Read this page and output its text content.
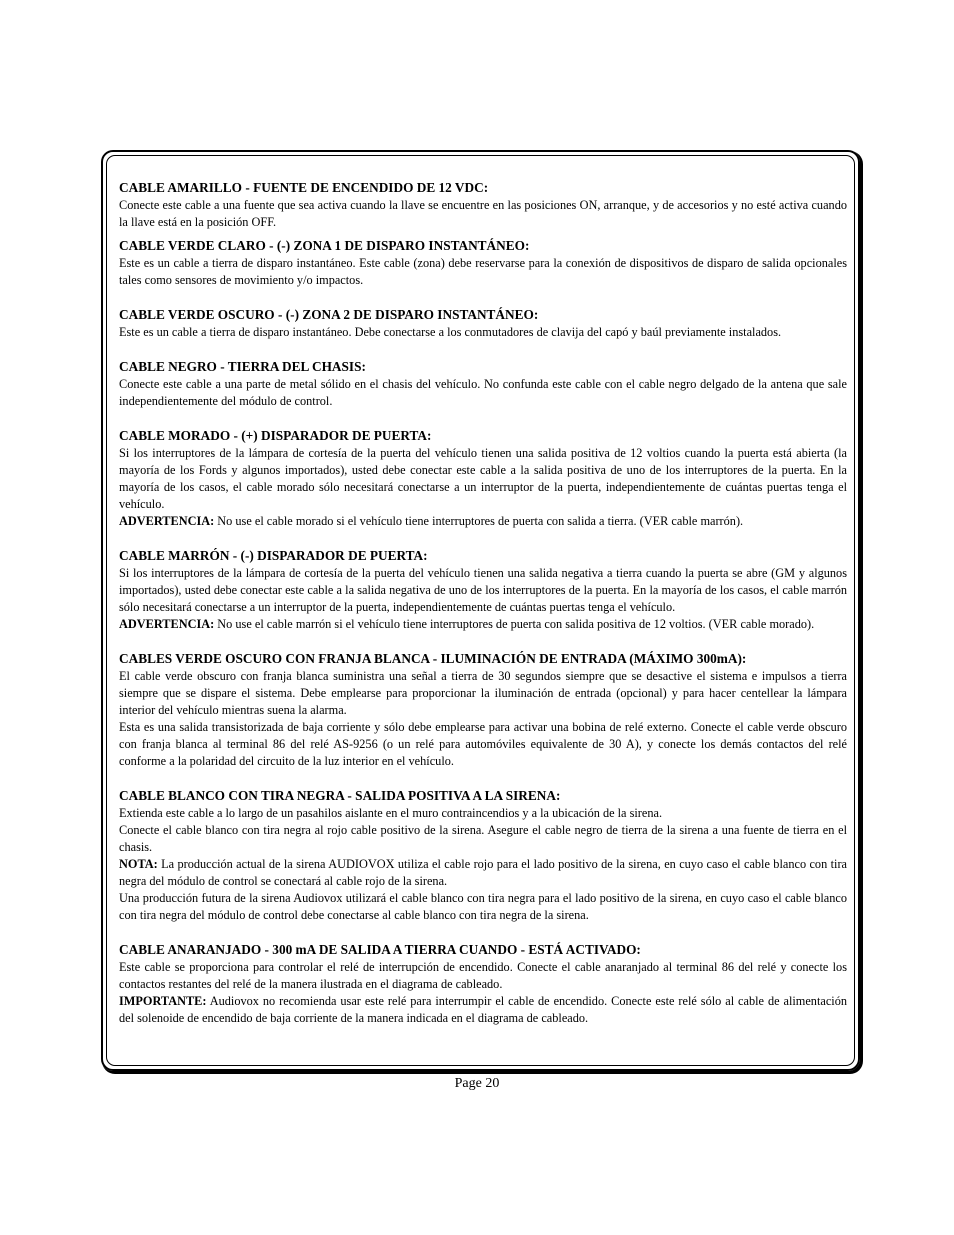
CABLE AMARILLO - FUENTE DE ENCENDIDO DE 12 VDC:

Conecte este cable a una fuente que sea activa cuando la llave se encuentre en las posiciones ON, arranque, y de accesorios y no esté activa cuando la llave está en la posición OFF.

CABLE VERDE CLARO - (-) ZONA 1 DE DISPARO INSTANTÁNEO:

Este es un cable a tierra de disparo instantáneo. Este cable (zona) debe reservarse para la conexión de dispositivos de disparo de salida opcionales tales como sensores de movimiento y/o impactos.

CABLE VERDE OSCURO - (-) ZONA 2 DE DISPARO INSTANTÁNEO:

Este es un cable a tierra de disparo instantáneo. Debe conectarse a los conmutadores de clavija del capó y baúl previamente instalados.

CABLE NEGRO - TIERRA DEL CHASIS:

Conecte este cable a una parte de metal sólido en el chasis del vehículo. No confunda este cable con el cable negro delgado de la antena que sale independientemente del módulo de control.

CABLE MORADO - (+) DISPARADOR DE PUERTA:

Si los interruptores de la lámpara de cortesía de la puerta del vehículo tienen una salida positiva de 12 voltios cuando la puerta está abierta (la mayoría de los Fords y algunos importados), usted debe conectar este cable a la salida positiva de uno de los interruptores de la puerta. En la mayoría de los casos, el cable morado sólo necesitará conectarse a un interruptor de la puerta, independientemente de cuántas puertas tenga el vehículo.

ADVERTENCIA: No use el cable morado si el vehículo tiene interruptores de puerta con salida a tierra. (VER cable marrón).

CABLE MARRÓN - (-) DISPARADOR DE PUERTA:

Si los interruptores de la lámpara de cortesía de la puerta del vehículo tienen una salida negativa a tierra cuando la puerta se abre (GM y algunos importados), usted debe conectar este cable a la salida negativa de uno de los interruptores de la puerta. En la mayoría de los casos, el cable marrón sólo necesitará conectarse a un interruptor de la puerta, independientemente de cuántas puertas tenga el vehículo.

ADVERTENCIA: No use el cable marrón si el vehículo tiene interruptores de puerta con salida positiva de 12 voltios. (VER cable morado).

CABLES VERDE OSCURO CON FRANJA BLANCA - ILUMINACIÓN DE ENTRADA (MÁXIMO 300mA):

El cable verde obscuro con franja blanca suministra una señal a tierra de 30 segundos siempre que se desactive el sistema e impulsos a tierra siempre que se dispare el sistema. Debe emplearse para proporcionar la iluminación de entrada (opcional) y para hacer centellear la lámpara interior del vehículo mientras suena la alarma.

Esta es una salida transistorizada de baja corriente y sólo debe emplearse para activar una bobina de relé externo. Conecte el cable verde obscuro con franja blanca al terminal 86 del relé AS-9256 (o un relé para automóviles equivalente de 30 A), y conecte los demás contactos del relé conforme a la polaridad del circuito de la luz interior en el vehículo.

CABLE BLANCO CON TIRA NEGRA - SALIDA POSITIVA A LA SIRENA:

Extienda este cable a lo largo de un pasahilos aislante en el muro contraincendios y a la ubicación de la sirena.

Conecte el cable blanco con tira negra al rojo cable positivo de la sirena. Asegure el cable negro de tierra de la sirena a una fuente de tierra en el chasis.

NOTA: La producción actual de la sirena AUDIOVOX utiliza el cable rojo para el lado positivo de la sirena, en cuyo caso el cable blanco con tira negra del módulo de control se conectará al cable rojo de la sirena.

Una producción futura de la sirena Audiovox utilizará el cable blanco con tira negra para el lado positivo de la sirena, en cuyo caso el cable blanco con tira negra del módulo de control debe conectarse al cable blanco con tira negra de la sirena.

CABLE ANARANJADO - 300 mA DE SALIDA A TIERRA CUANDO - ESTÁ ACTIVADO:

Este cable se proporciona para controlar el relé de interrupción de encendido. Conecte el cable anaranjado al terminal 86 del relé y conecte los contactos restantes del relé de la manera ilustrada en el diagrama de cableado.

IMPORTANTE: Audiovox no recomienda usar este relé para interrumpir el cable de encendido. Conecte este relé sólo al cable de alimentación del solenoide de encendido de baja corriente de la manera indicada en el diagrama de cableado.

Page 20
